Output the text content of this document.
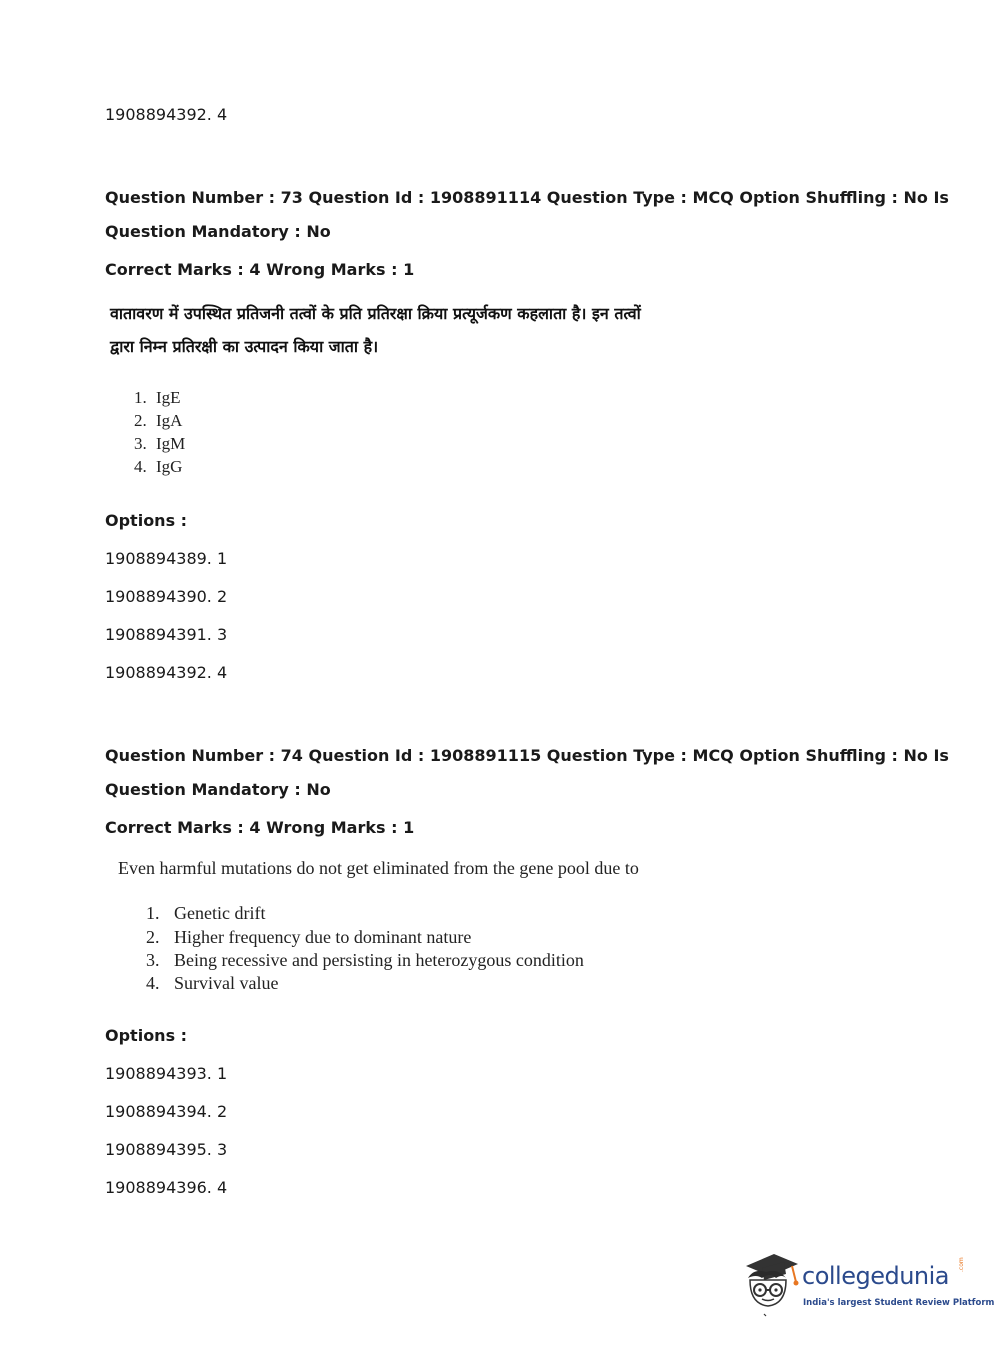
1908894392. 4
Question Number : 73 Question Id : 1908891114 Question Type : MCQ Option Shuffling : No Is
Question Mandatory : No
Correct Marks : 4 Wrong Marks : 1
वातावरण में उपस्थित प्रतिजनी तत्वों के प्रति प्रतिरक्षा क्रिया प्रत्यूर्जकण कहलाता है। इन तत्वों
द्वारा निम्न प्रतिरक्षी का उत्पादन किया जाता है।
1. IgE
2. IgA
3. IgM
4. IgG
Options :
1908894389. 1
1908894390. 2
1908894391. 3
1908894392. 4
Question Number : 74 Question Id : 1908891115 Question Type : MCQ Option Shuffling : No Is
Question Mandatory : No
Correct Marks : 4 Wrong Marks : 1
Even harmful mutations do not get eliminated from the gene pool due to
1. Genetic drift
2. Higher frequency due to dominant nature
3. Being recessive and persisting in heterozygous condition
4. Survival value
Options :
1908894393. 1
1908894394. 2
1908894395. 3
1908894396. 4
collegedunia .com
India's largest Student Review Platform
